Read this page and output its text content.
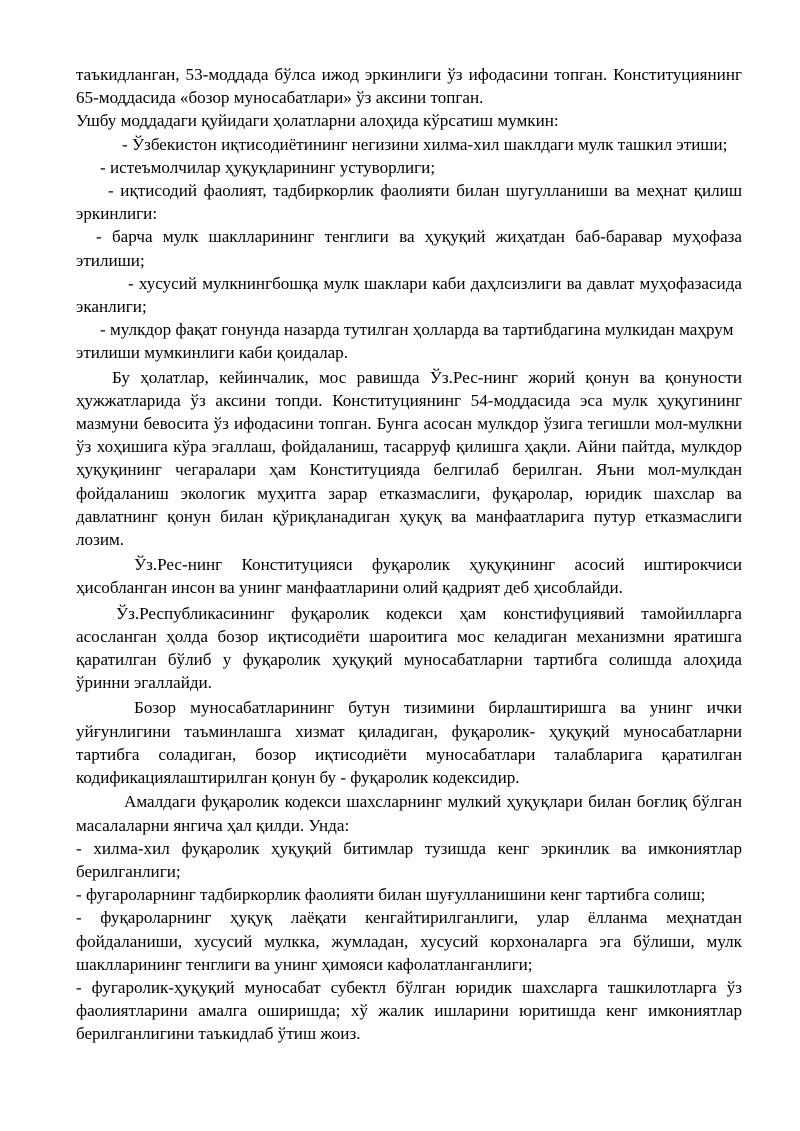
таъкидланган, 53-моддада бўлса ижод эркинлиги ўз ифодасини топган. Конституциянинг 65-моддасида «бозор муносабатлари» ўз аксини топган.

Ушбу моддадаги қуйидаги ҳолатларни алоҳида кўрсатиш мумкин:

- Ўзбекистон иқтисодиётининг негизини хилма-хил шаклдаги мулк ташкил этиши;

- истеъмолчилар ҳуқуқларининг устуворлиги;

- иқтисодий фаолият, тадбиркорлик фаолияти билан шугулланиши ва меҳнат қилиш эркинлиги:

- барча мулк шаклларининг тенглиги ва ҳуқуқий жиҳатдан баб-баравар муҳофаза этилиши;

- хусусий мулкнингбошқа мулк шаклари каби даҳлсизлиги ва давлат муҳофазасида эканлиги;

- мулкдор фақат гонунда назарда тутилган ҳолларда ва тартибдагина мулкидан маҳрум этилиши мумкинлиги каби қоидалар.

Бу ҳолатлар, кейинчалик, мос равишда Ўз.Рес-нинг жорий қонун ва қонуности ҳужжатларида ўз аксини топди. Конституциянинг 54-моддасида эса мулк ҳуқугининг мазмуни бевосита ўз ифодасини топган. Бунга асосан мулкдор ўзига тегишли мол-мулкни ўз хоҳишига кўра эгаллаш, фойдаланиш, тасарруф қилишга ҳақли. Айни пайтда, мулкдор ҳуқуқининг чегаралари ҳам Конституцияда белгилаб берилган. Яъни мол-мулкдан фойдаланиш экологик муҳитга зарар етказмаслиги, фуқаролар, юридик шахслар ва давлатнинг қонун билан қўриқланадиган ҳуқуқ ва манфаатларига путур етказмаслиги лозим.

Ўз.Рес-нинг Конституцияси фуқаролик ҳуқуқининг асосий иштирокчиси ҳисобланган инсон ва унинг манфаатларини олий қадрият деб ҳисоблайди.

Ўз.Республикасининг фуқаролик кодекси ҳам констифуциявий тамойилларга асосланган ҳолда бозор иқтисодиёти шароитига мос келадиган механизмни яратишга қаратилган бўлиб у фуқаролик ҳуқуқий муносабатларни тартибга солишда алоҳида ўринни эгаллайди.

Бозор муносабатларининг бутун тизимини бирлаштиришга ва унинг ички уйғунлигини таъминлашга хизмат қиладиган, фуқаролик- ҳуқуқий муносабатларни тартибга соладиган, бозор иқтисодиёти муносабатлари талабларига қаратилган кодификациялаштирилган қонун бу - фуқаролик кодексидир.

Амалдаги фуқаролик кодекси шахсларнинг мулкий ҳуқуқлари билан боғлиқ бўлган масалаларни янгича ҳал қилди. Унда:

- хилма-хил фуқаролик ҳуқуқий битимлар тузишда кенг эркинлик ва имкониятлар берилганлиги;

- фугароларнинг тадбиркорлик фаолияти билан шуғулланишини кенг тартибга солиш;

- фуқароларнинг ҳуқуқ лаёқати кенгайтирилганлиги, улар ёлланма меҳнатдан фойдаланиши, хусусий мулкка, жумладан, хусусий корхоналарга эга бўлиши, мулк шаклларининг тенглиги ва унинг ҳимояси кафолатланганлиги;

- фугаролик-ҳуқуқий муносабат субектл бўлган юридик шахсларга ташкилотларга ўз фаолиятларини амалга оширишда; хў жалик ишларини юритишда кенг имкониятлар берилганлигини таъкидлаб ўтиш жоиз.
